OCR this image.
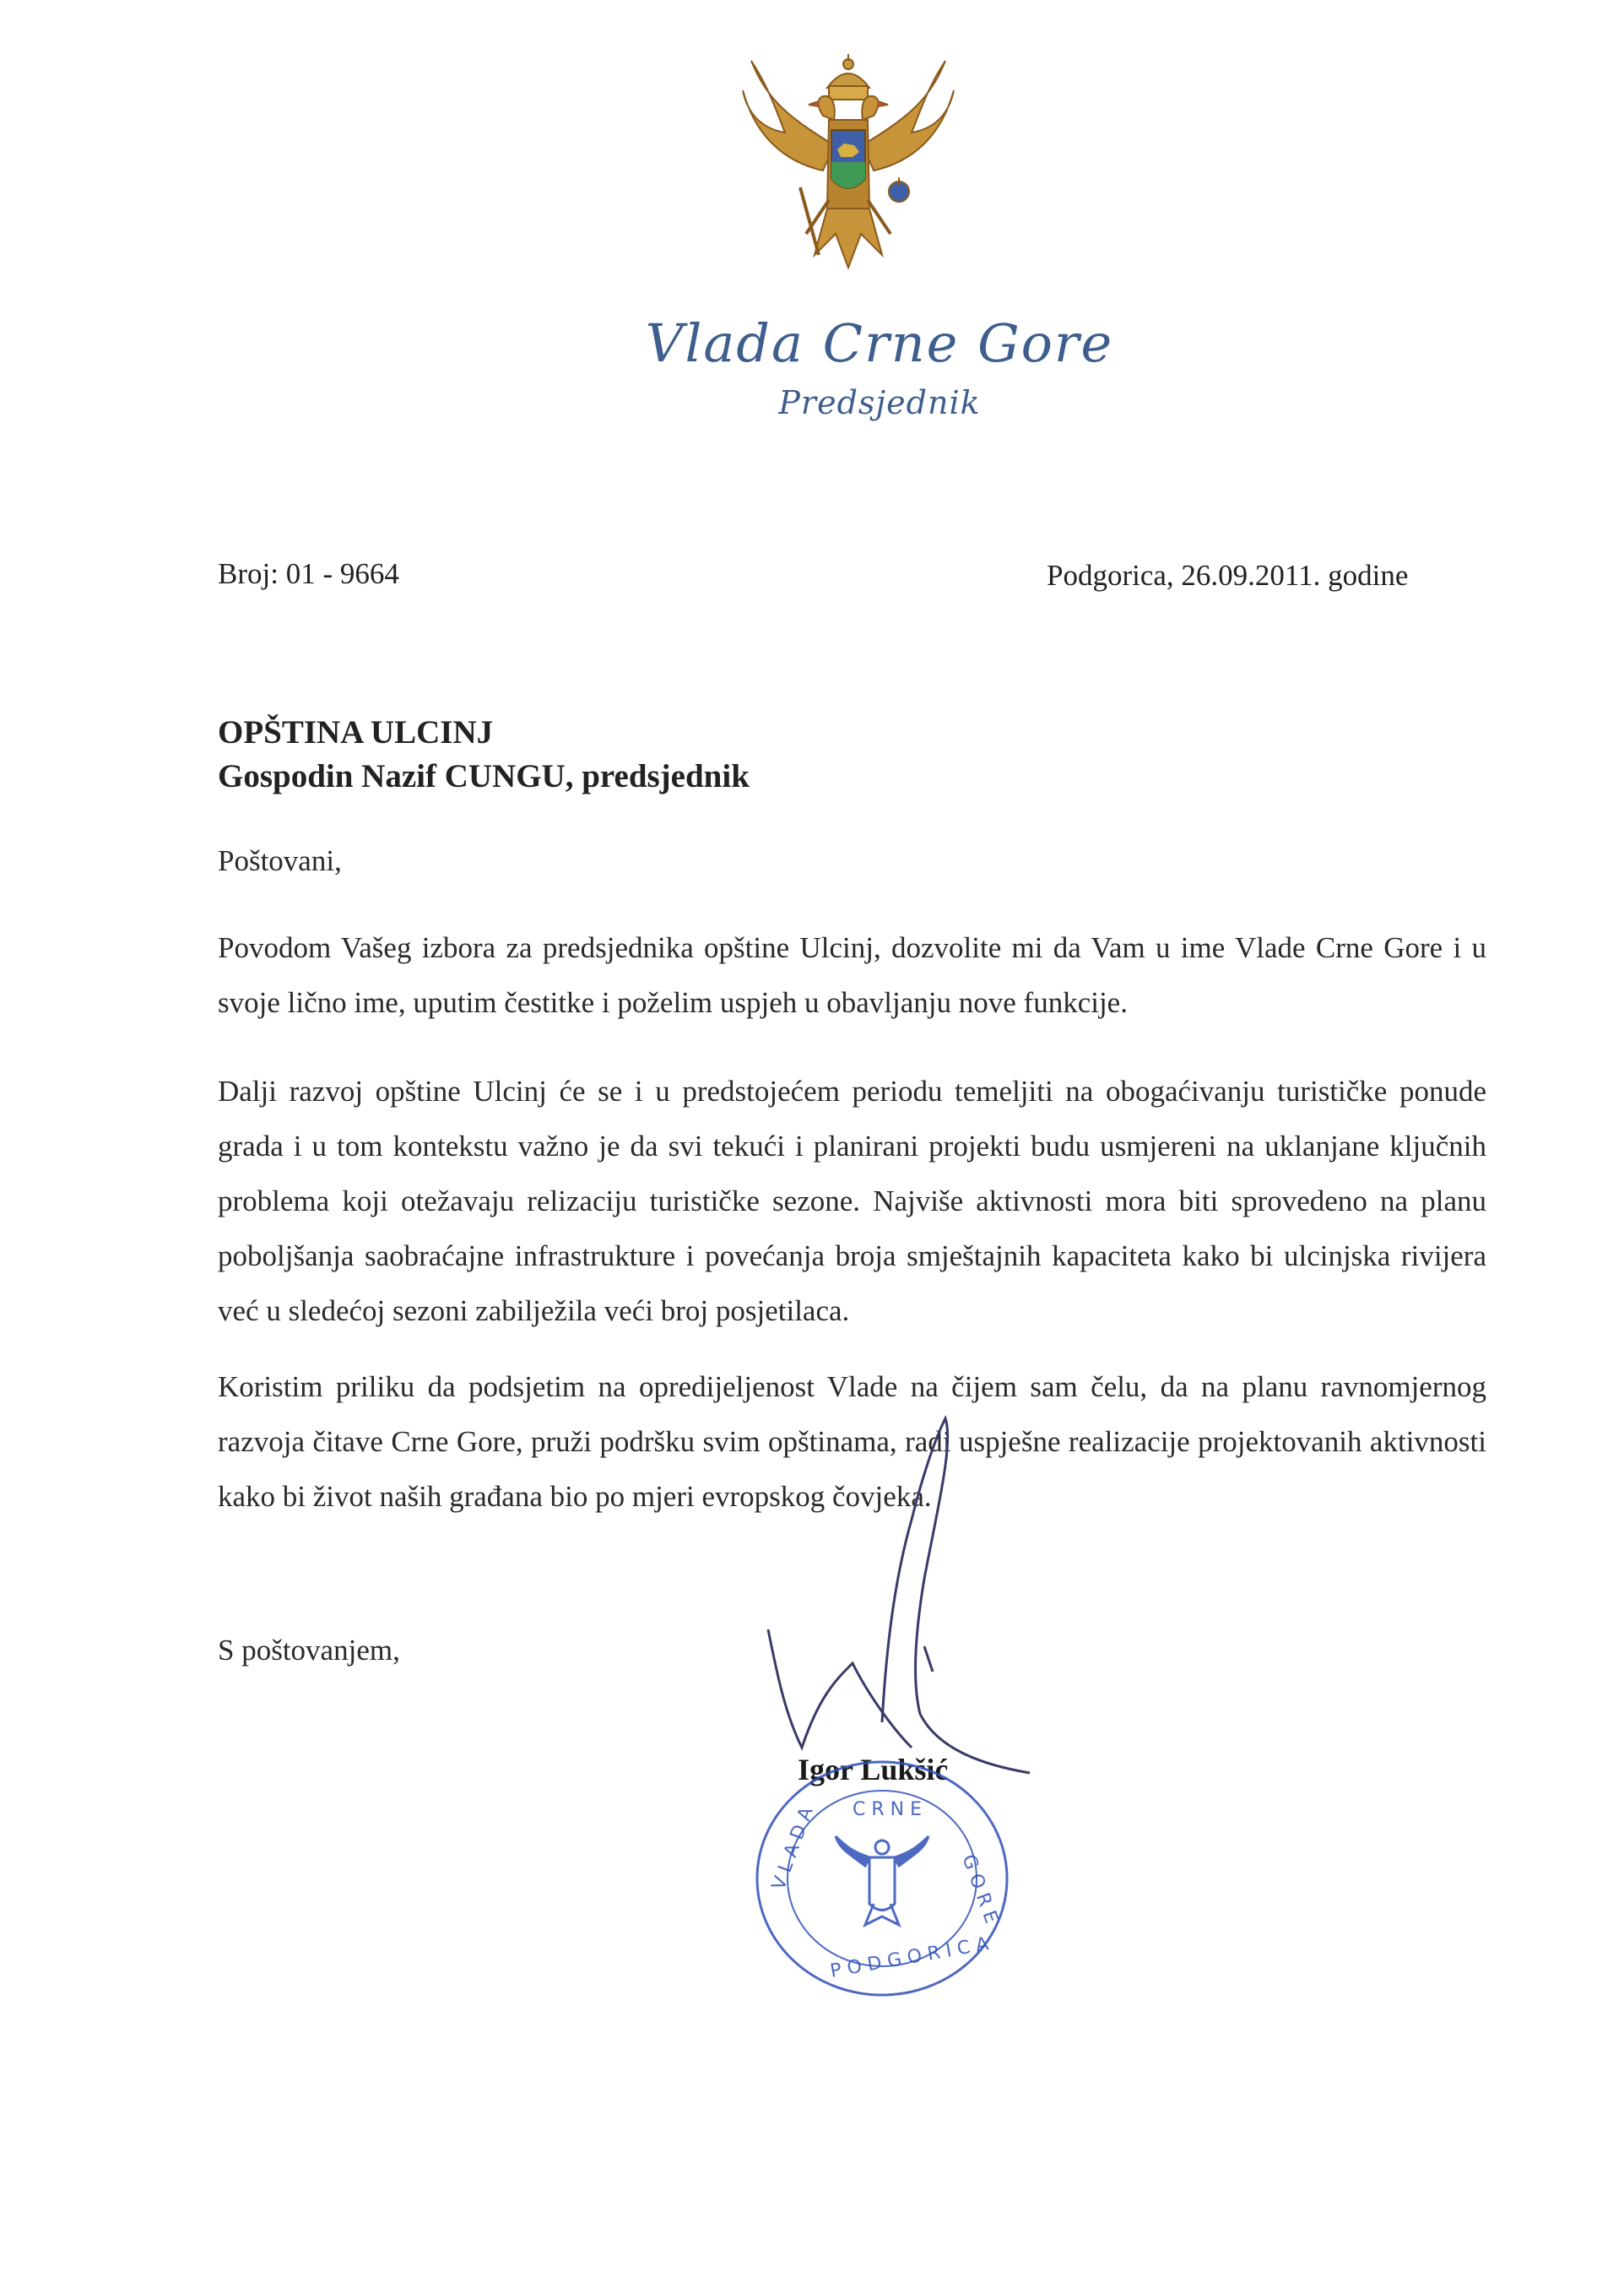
Vlada Crne Gore
Predsjednik
Broj: 01 - 9664	Podgorica, 26.09.2011. godine
OPŠTINA ULCINJ
Gospodin Nazif CUNGU, predsjednik
Poštovani,
Povodom Vašeg izbora za predsjednika opštine Ulcinj, dozvolite mi da Vam u ime Vlade Crne Gore i u svoje lično ime, uputim čestitke i poželim uspjeh u obavljanju nove funkcije.
Dalji razvoj opštine Ulcinj će se i u predstojećem periodu temeljiti na obogaćivanju turističke ponude grada i u tom kontekstu važno je da svi tekući i planirani projekti budu usmjereni na uklanjane ključnih problema koji otežavaju relizaciju turističke sezone. Najviše aktivnosti mora biti sprovedeno na planu poboljšanja saobraćajne infrastrukture i povećanja broja smještajnih kapaciteta kako bi ulcinjska rivijera već u sledećoj sezoni zabilježila veći broj posjetilaca.
Koristim priliku da podsjetim na opredijeljenost Vlade na čijem sam čelu, da na planu ravnomjernog razvoja čitave Crne Gore, pruži podršku svim opštinama, radi uspješne realizacije projektovanih aktivnosti kako bi život naših građana bio po mjeri evropskog čovjeka.
S poštovanjem,
Igor Lukšić
C R N E
V L A D A	G O R E
P O D G O R I C A
